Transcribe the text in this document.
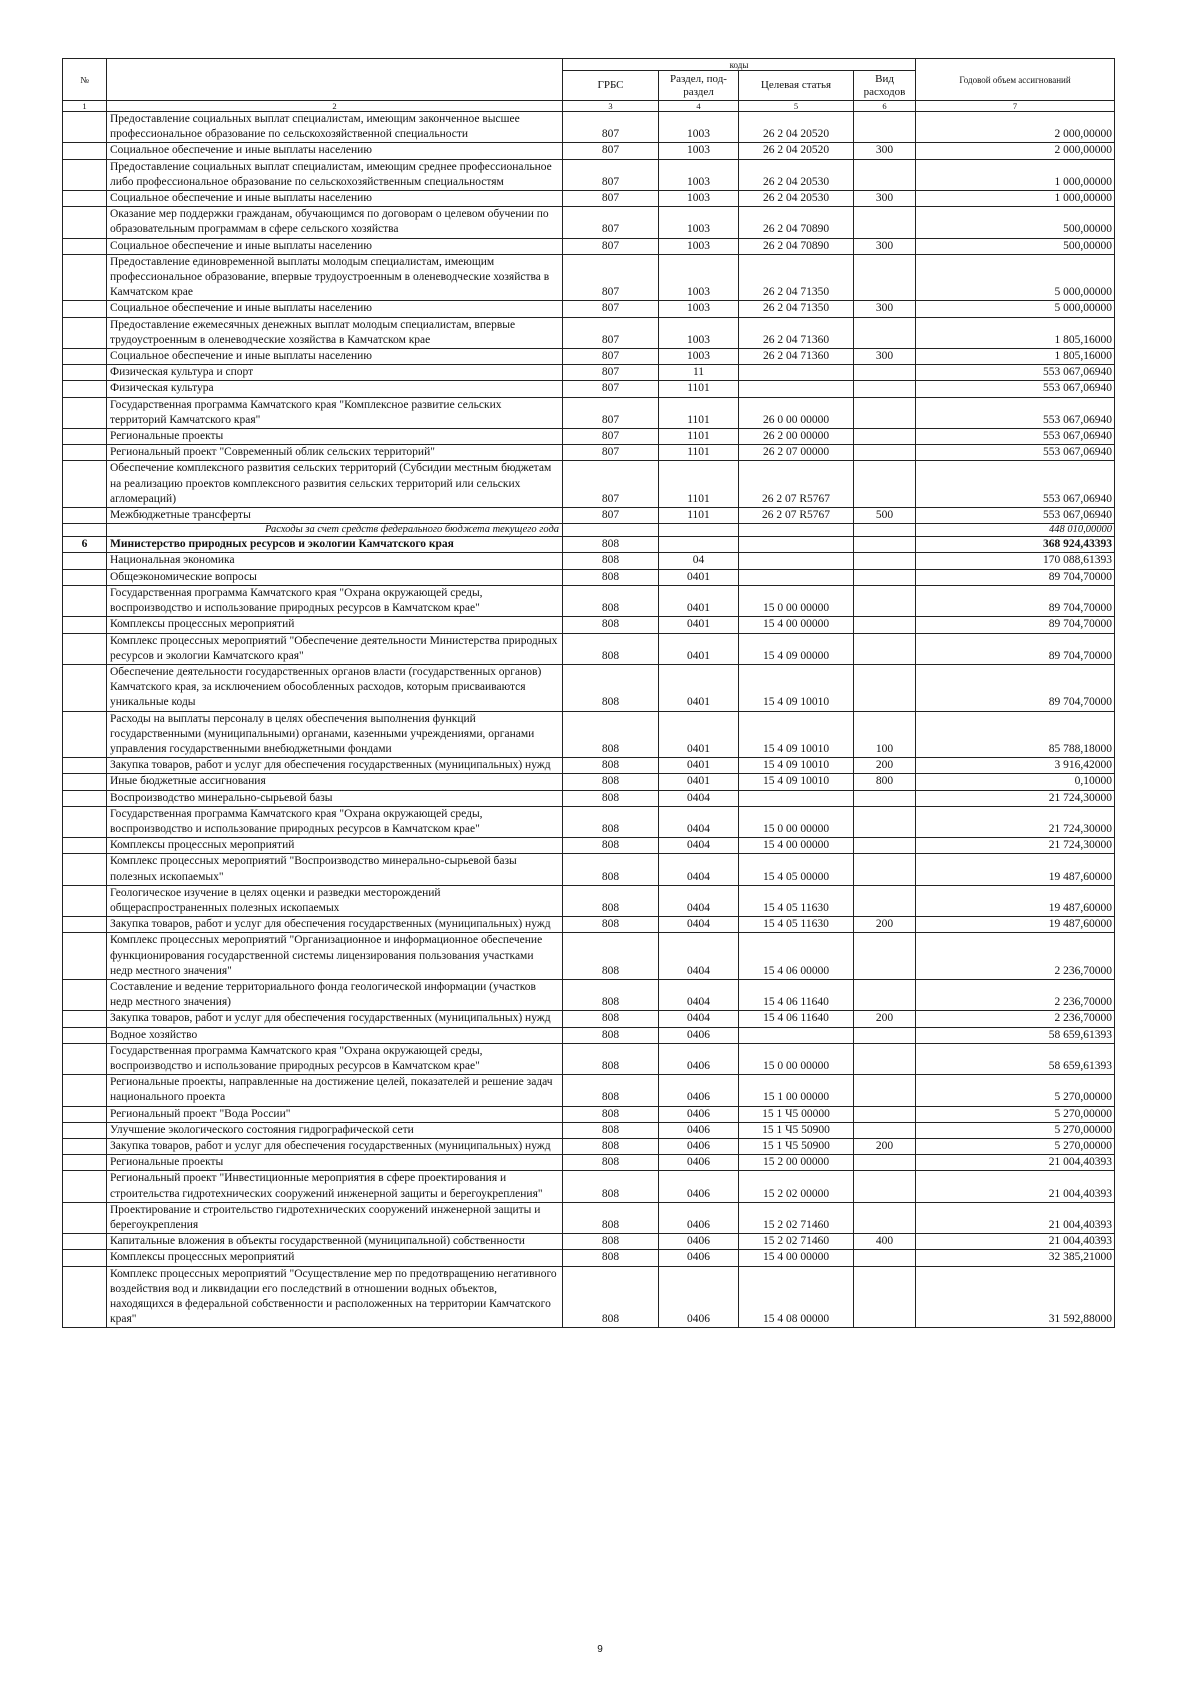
№		коды				Годовой объем ассигнований
		ГРБС	Раздел, под-раздел	Целевая статья	Вид расходов	
1	2	3	4	5	6	7
	Предоставление социальных выплат специалистам, имеющим законченное высшее профессиональное образование по сельскохозяйственной специальности	807	1003	26 2 04 20520		2 000,00000
	Социальное обеспечение и иные выплаты населению	807	1003	26 2 04 20520	300	2 000,00000
	Предоставление социальных выплат специалистам, имеющим среднее профессиональное либо профессиональное образование по сельскохозяйственным специальностям	807	1003	26 2 04 20530		1 000,00000
	Социальное обеспечение и иные выплаты населению	807	1003	26 2 04 20530	300	1 000,00000
	Оказание мер поддержки гражданам, обучающимся по договорам о целевом обучении по образовательным программам в сфере сельского хозяйства	807	1003	26 2 04 70890		500,00000
	Социальное обеспечение и иные выплаты населению	807	1003	26 2 04 70890	300	500,00000
	Предоставление единовременной выплаты молодым специалистам, имеющим профессиональное образование, впервые трудоустроенным в оленеводческие хозяйства в Камчатском крае	807	1003	26 2 04 71350		5 000,00000
	Социальное обеспечение и иные выплаты населению	807	1003	26 2 04 71350	300	5 000,00000
	Предоставление ежемесячных денежных выплат молодым специалистам, впервые трудоустроенным в оленеводческие хозяйства в Камчатском крае	807	1003	26 2 04 71360		1 805,16000
	Социальное обеспечение и иные выплаты населению	807	1003	26 2 04 71360	300	1 805,16000
	Физическая культура и спорт	807	11			553 067,06940
	Физическая культура	807	1101			553 067,06940
	Государственная программа Камчатского края "Комплексное развитие сельских территорий Камчатского края"	807	1101	26 0 00 00000		553 067,06940
	Региональные проекты	807	1101	26 2 00 00000		553 067,06940
	Региональный проект "Современный облик сельских территорий"	807	1101	26 2 07 00000		553 067,06940
	Обеспечение комплексного развития сельских территорий (Субсидии местным бюджетам на реализацию проектов комплексного развития сельских территорий или сельских агломераций)	807	1101	26 2 07 R5767		553 067,06940
	Межбюджетные трансферты	807	1101	26 2 07 R5767	500	553 067,06940
	Расходы за счет средств федерального бюджета текущего года					448 010,00000
6	Министерство природных ресурсов и экологии Камчатского края	808				368 924,43393
	Национальная экономика	808	04			170 088,61393
	Общеэкономические вопросы	808	0401			89 704,70000
	Государственная программа Камчатского края "Охрана окружающей среды, воспроизводство и использование природных ресурсов в Камчатском крае"	808	0401	15 0 00 00000		89 704,70000
	Комплексы процессных мероприятий	808	0401	15 4 00 00000		89 704,70000
	Комплекс процессных мероприятий "Обеспечение деятельности Министерства природных ресурсов и экологии Камчатского края"	808	0401	15 4 09 00000		89 704,70000
	Обеспечение деятельности государственных органов власти (государственных органов) Камчатского края, за исключением обособленных расходов, которым присваиваются уникальные коды	808	0401	15 4 09 10010		89 704,70000
	Расходы на выплаты персоналу в целях обеспечения выполнения функций государственными (муниципальными) органами, казенными учреждениями, органами управления государственными внебюджетными фондами	808	0401	15 4 09 10010	100	85 788,18000
	Закупка товаров, работ и услуг для обеспечения государственных (муниципальных) нужд	808	0401	15 4 09 10010	200	3 916,42000
	Иные бюджетные ассигнования	808	0401	15 4 09 10010	800	0,10000
	Воспроизводство минерально-сырьевой базы	808	0404			21 724,30000
	Государственная программа Камчатского края "Охрана окружающей среды, воспроизводство и использование природных ресурсов в Камчатском крае"	808	0404	15 0 00 00000		21 724,30000
	Комплексы процессных мероприятий	808	0404	15 4 00 00000		21 724,30000
	Комплекс процессных мероприятий "Воспроизводство минерально-сырьевой базы полезных ископаемых"	808	0404	15 4 05 00000		19 487,60000
	Геологическое изучение в целях оценки и разведки месторождений общераспространенных полезных ископаемых	808	0404	15 4 05 11630		19 487,60000
	Закупка товаров, работ и услуг для обеспечения государственных (муниципальных) нужд	808	0404	15 4 05 11630	200	19 487,60000
	Комплекс процессных мероприятий "Организационное и информационное обеспечение функционирования государственной системы лицензирования пользования участками недр местного значения"	808	0404	15 4 06 00000		2 236,70000
	Составление и ведение территориального фонда геологической информации (участков недр местного значения)	808	0404	15 4 06 11640		2 236,70000
	Закупка товаров, работ и услуг для обеспечения государственных (муниципальных) нужд	808	0404	15 4 06 11640	200	2 236,70000
	Водное хозяйство	808	0406			58 659,61393
	Государственная программа Камчатского края "Охрана окружающей среды, воспроизводство и использование природных ресурсов в Камчатском крае"	808	0406	15 0 00 00000		58 659,61393
	Региональные проекты, направленные на достижение целей, показателей и решение задач национального проекта	808	0406	15 1 00 00000		5 270,00000
	Региональный проект "Вода России"	808	0406	15 1 Ч5 00000		5 270,00000
	Улучшение экологического состояния гидрографической сети	808	0406	15 1 Ч5 50900		5 270,00000
	Закупка товаров, работ и услуг для обеспечения государственных (муниципальных) нужд	808	0406	15 1 Ч5 50900	200	5 270,00000
	Региональные проекты	808	0406	15 2 00 00000		21 004,40393
	Региональный проект "Инвестиционные мероприятия в сфере проектирования и строительства гидротехнических сооружений инженерной защиты и берегоукрепления"	808	0406	15 2 02 00000		21 004,40393
	Проектирование и строительство гидротехнических сооружений инженерной защиты и берегоукрепления	808	0406	15 2 02 71460		21 004,40393
	Капитальные вложения в объекты государственной (муниципальной) собственности	808	0406	15 2 02 71460	400	21 004,40393
	Комплексы процессных мероприятий	808	0406	15 4 00 00000		32 385,21000
	Комплекс процессных мероприятий "Осуществление мер по предотвращению негативного воздействия вод и ликвидации его последствий в отношении водных объектов, находящихся в федеральной собственности и расположенных на территории Камчатского края"	808	0406	15 4 08 00000		31 592,88000
9
